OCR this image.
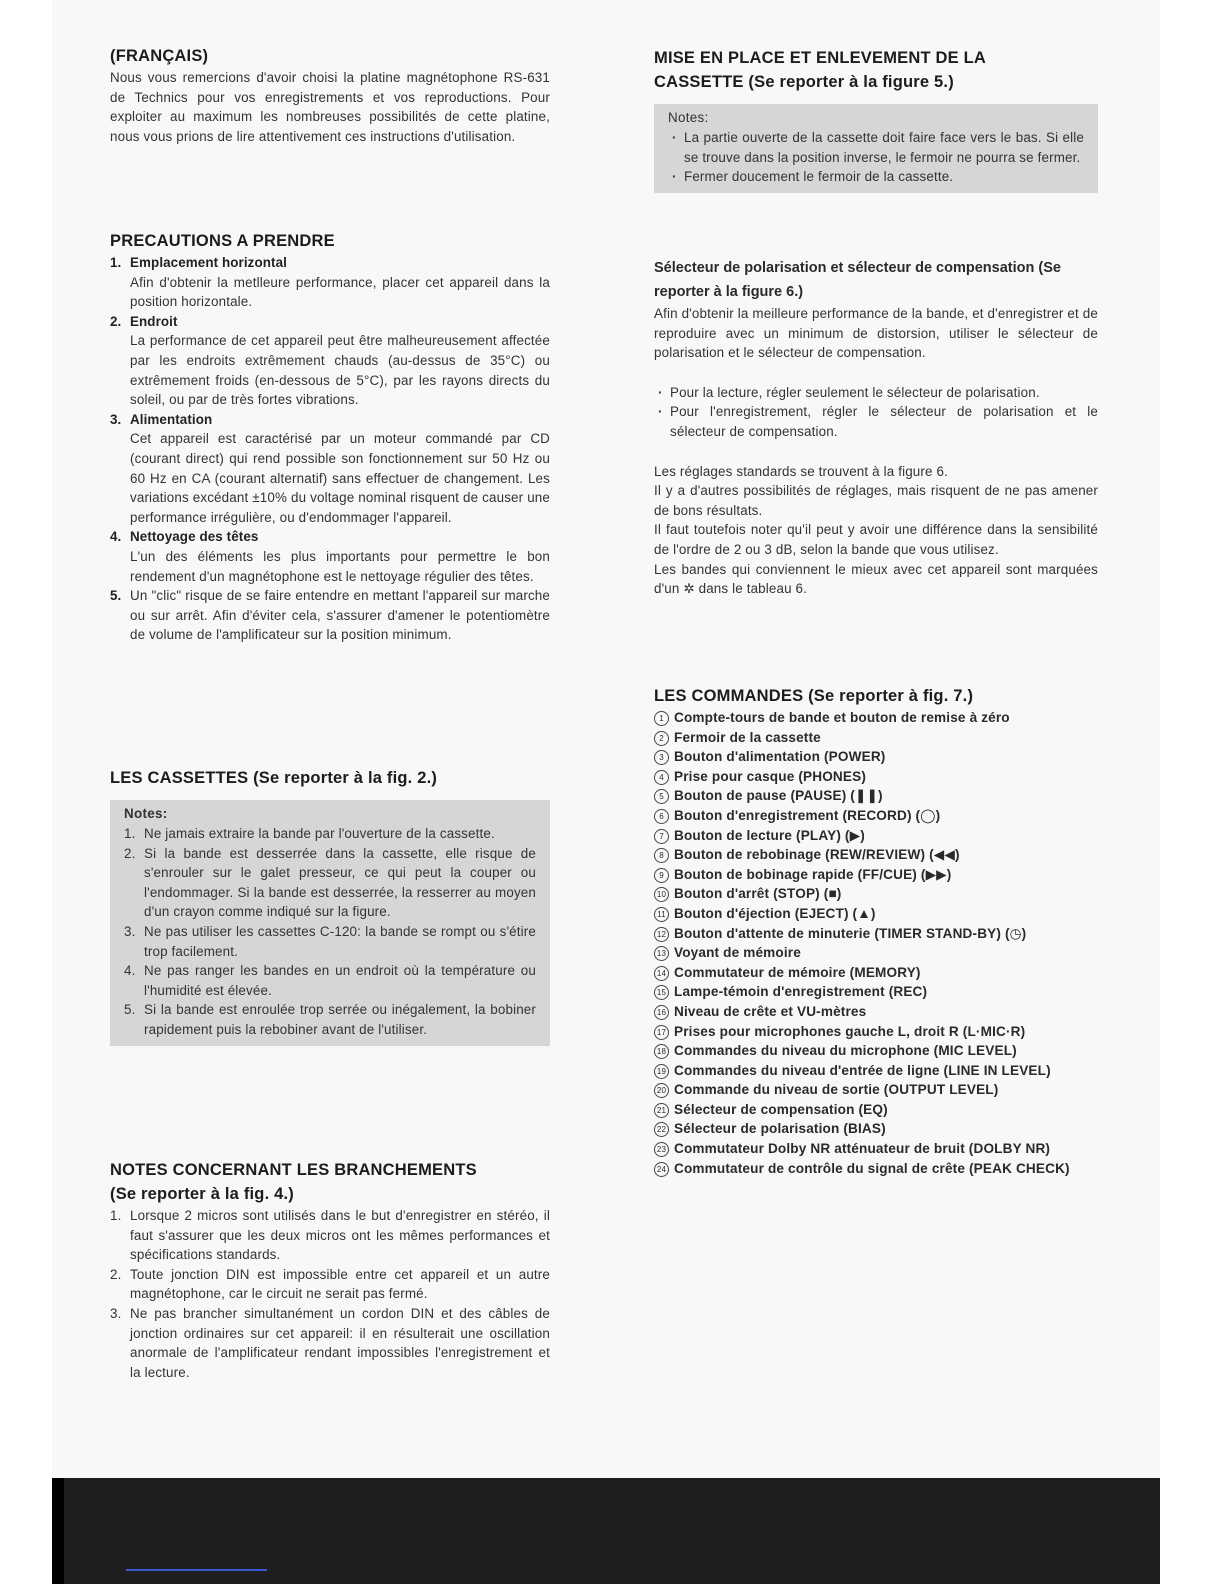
(FRANÇAIS)

Nous vous remercions d'avoir choisi la platine magnétophone RS-631 de Technics pour vos enregistrements et vos reproductions. Pour exploiter au maximum les nombreuses possibilités de cette platine, nous vous prions de lire attentivement ces instructions d'utilisation.

PRECAUTIONS A PRENDRE
1. Emplacement horizontal
Afin d'obtenir la metlleure performance, placer cet appareil dans la position horizontale.
2. Endroit
La performance de cet appareil peut être malheureusement affectée par les endroits extrêmement chauds (au-dessus de 35°C) ou extrêmement froids (en-dessous de 5°C), par les rayons directs du soleil, ou par de très fortes vibrations.
3. Alimentation
Cet appareil est caractérisé par un moteur commandé par CD (courant direct) qui rend possible son fonctionnement sur 50 Hz ou 60 Hz en CA (courant alternatif) sans effectuer de changement. Les variations excédant ±10% du voltage nominal risquent de causer une performance irrégulière, ou d'endommager l'appareil.
4. Nettoyage des têtes
L'un des éléments les plus importants pour permettre le bon rendement d'un magnétophone est le nettoyage régulier des têtes.
5. Un "clic" risque de se faire entendre en mettant l'appareil sur marche ou sur arrêt. Afin d'éviter cela, s'assurer d'amener le potentiomètre de volume de l'amplificateur sur la position minimum.
LES CASSETTES (Se reporter à la fig. 2.)
Notes:
1. Ne jamais extraire la bande par l'ouverture de la cassette.
2. Si la bande est desserrée dans la cassette, elle risque de s'enrouler sur le galet presseur, ce qui peut la couper ou l'endommager. Si la bande est desserrée, la resserrer au moyen d'un crayon comme indiqué sur la figure.
3. Ne pas utiliser les cassettes C-120: la bande se rompt ou s'étire trop facilement.
4. Ne pas ranger les bandes en un endroit où la température ou l'humidité est élevée.
5. Si la bande est enroulée trop serrée ou inégalement, la bobiner rapidement puis la rebobiner avant de l'utiliser.
NOTES CONCERNANT LES BRANCHEMENTS
(Se reporter à la fig. 4.)
1. Lorsque 2 micros sont utilisés dans le but d'enregistrer en stéréo, il faut s'assurer que les deux micros ont les mêmes performances et spécifications standards.
2. Toute jonction DIN est impossible entre cet appareil et un autre magnétophone, car le circuit ne serait pas fermé.
3. Ne pas brancher simultanément un cordon DIN et des câbles de jonction ordinaires sur cet appareil: il en résulterait une oscillation anormale de l'amplificateur rendant impossibles l'enregistrement et la lecture.
MISE EN PLACE ET ENLEVEMENT DE LA
CASSETTE (Se reporter à la figure 5.)
Notes:
· La partie ouverte de la cassette doit faire face vers le bas. Si elle se trouve dans la position inverse, le fermoir ne pourra se fermer.
· Fermer doucement le fermoir de la cassette.
Sélecteur de polarisation et sélecteur de compensation (Se reporter à la figure 6.)

Afin d'obtenir la meilleure performance de la bande, et d'enregistrer et de reproduire avec un minimum de distorsion, utiliser le sélecteur de polarisation et le sélecteur de compensation.

· Pour la lecture, régler seulement le sélecteur de polarisation.
· Pour l'enregistrement, régler le sélecteur de polarisation et le sélecteur de compensation.

Les réglages standards se trouvent à la figure 6.

Il y a d'autres possibilités de réglages, mais risquent de ne pas amener de bons résultats.

Il faut toutefois noter qu'il peut y avoir une différence dans la sensibilité de l'ordre de 2 ou 3 dB, selon la bande que vous utilisez.

Les bandes qui conviennent le mieux avec cet appareil sont marquées d'un ✲ dans le tableau 6.

LES COMMANDES (Se reporter à fig. 7.)
1 Compte-tours de bande et bouton de remise à zéro
2 Fermoir de la cassette
3 Bouton d'alimentation (POWER)
4 Prise pour casque (PHONES)
5 Bouton de pause (PAUSE) (❚❚)
6 Bouton d'enregistrement (RECORD) (◯)
7 Bouton de lecture (PLAY) (▶)
8 Bouton de rebobinage (REW/REVIEW) (◀◀)
9 Bouton de bobinage rapide (FF/CUE) (▶▶)
10 Bouton d'arrêt (STOP) (■)
11 Bouton d'éjection (EJECT) (▲)
12 Bouton d'attente de minuterie (TIMER STAND-BY) (◷)
13 Voyant de mémoire
14 Commutateur de mémoire (MEMORY)
15 Lampe-témoin d'enregistrement (REC)
16 Niveau de crête et VU-mètres
17 Prises pour microphones gauche L, droit R (L·MIC·R)
18 Commandes du niveau du microphone (MIC LEVEL)
19 Commandes du niveau d'entrée de ligne (LINE IN LEVEL)
20 Commande du niveau de sortie (OUTPUT LEVEL)
21 Sélecteur de compensation (EQ)
22 Sélecteur de polarisation (BIAS)
23 Commutateur Dolby NR atténuateur de bruit (DOLBY NR)
24 Commutateur de contrôle du signal de crête (PEAK CHECK)
